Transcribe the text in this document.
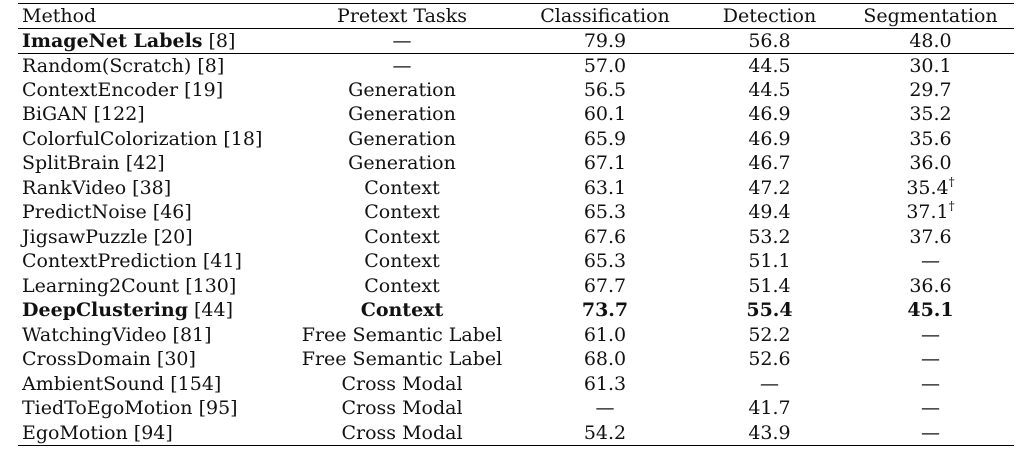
Method	Pretext Tasks	Classification	Detection	Segmentation
ImageNet Labels [8]	—	79.9	56.8	48.0
Random(Scratch) [8]	—	57.0	44.5	30.1
ContextEncoder [19]	Generation	56.5	44.5	29.7
BiGAN [122]	Generation	60.1	46.9	35.2
ColorfulColorization [18]	Generation	65.9	46.9	35.6
SplitBrain [42]	Generation	67.1	46.7	36.0
RankVideo [38]	Context	63.1	47.2	35.4†
PredictNoise [46]	Context	65.3	49.4	37.1†
JigsawPuzzle [20]	Context	67.6	53.2	37.6
ContextPrediction [41]	Context	65.3	51.1	—
Learning2Count [130]	Context	67.7	51.4	36.6
DeepClustering [44]	Context	73.7	55.4	45.1
WatchingVideo [81]	Free Semantic Label	61.0	52.2	—
CrossDomain [30]	Free Semantic Label	68.0	52.6	—
AmbientSound [154]	Cross Modal	61.3	—	—
TiedToEgoMotion [95]	Cross Modal	—	41.7	—
EgoMotion [94]	Cross Modal	54.2	43.9	—
